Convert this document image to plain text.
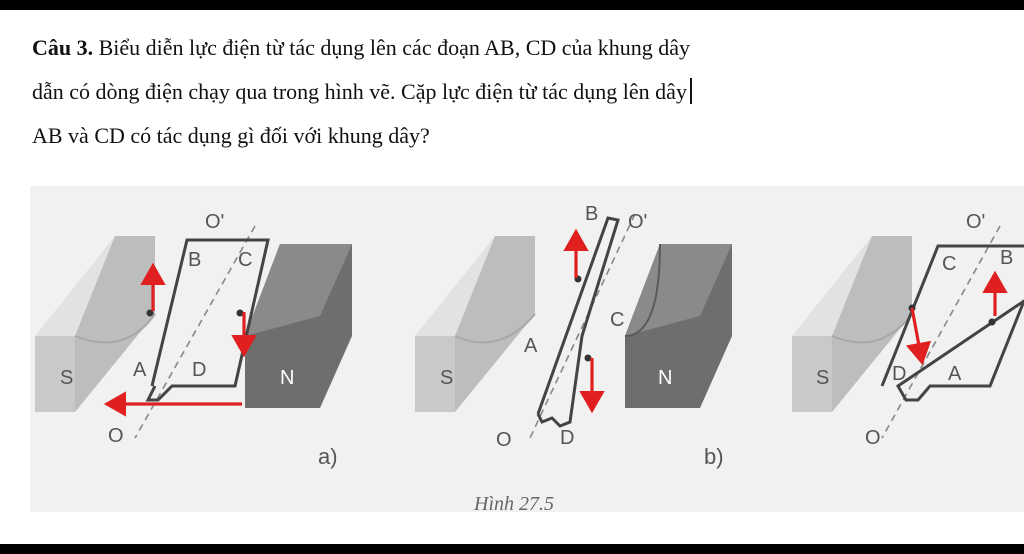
Câu 3. Biểu diễn lực điện từ tác dụng lên các đoạn AB, CD của khung dây

dẫn có dòng điện chạy qua trong hình vẽ. Cặp lực điện từ tác dụng lên dây

AB và CD có tác dụng gì đối với khung dây?

S	N
O'
O
A
B C
D
a)
S	N
B O'
C
A
O D
b)
S
O'
O
C B
D A
Hình 27.5
